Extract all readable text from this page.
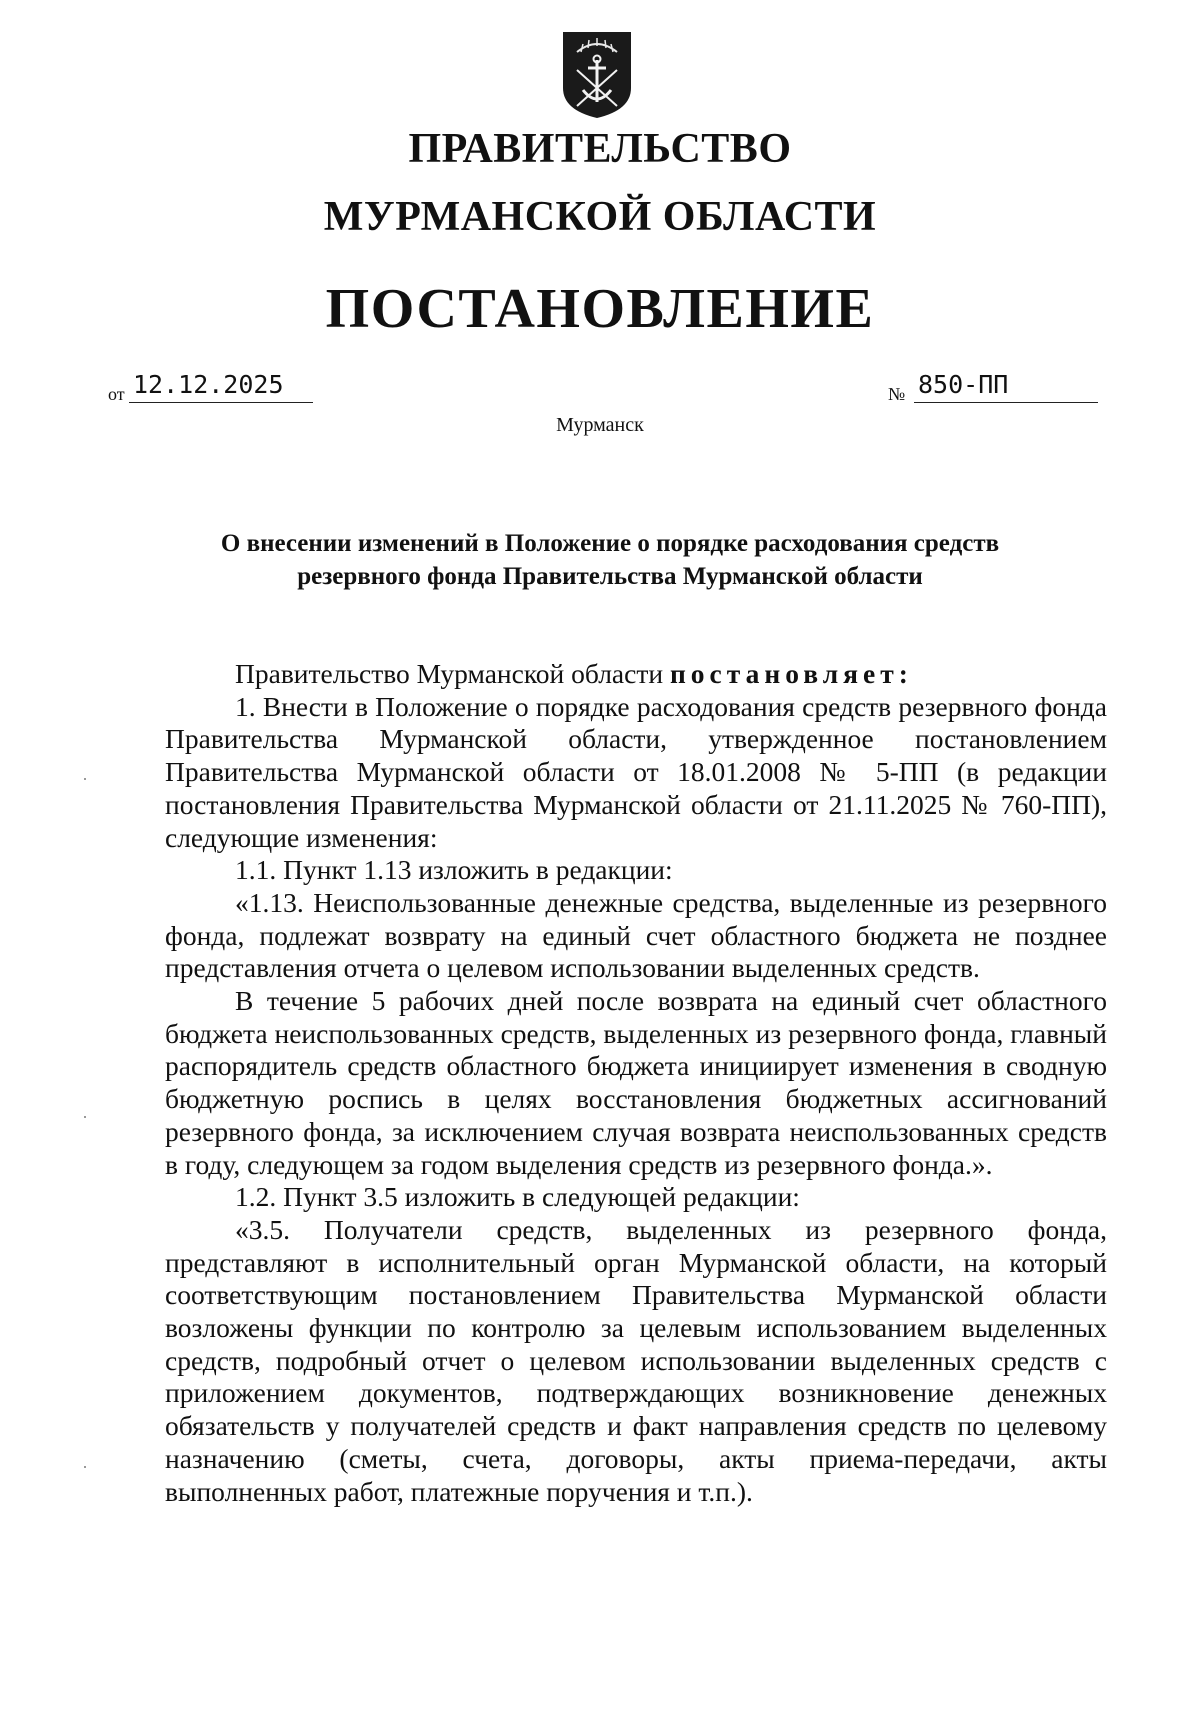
ПРАВИТЕЛЬСТВО
МУРМАНСКОЙ ОБЛАСТИ
ПОСТАНОВЛЕНИЕ
от 12.12.2025	№ 850-ПП
Мурманск
О внесении изменений в Положение о порядке расходования средств
резервного фонда Правительства Мурманской области

Правительство Мурманской области постановляет:

1. Внести в Положение о порядке расходования средств резервного фонда Правительства Мурманской области, утвержденное постановлением Правительства Мурманской области от 18.01.2008 № 5-ПП (в редакции постановления Правительства Мурманской области от 21.11.2025 № 760-ПП), следующие изменения:

1.1. Пункт 1.13 изложить в редакции:

«1.13. Неиспользованные денежные средства, выделенные из резервного фонда, подлежат возврату на единый счет областного бюджета не позднее представления отчета о целевом использовании выделенных средств.

В течение 5 рабочих дней после возврата на единый счет областного бюджета неиспользованных средств, выделенных из резервного фонда, главный распорядитель средств областного бюджета инициирует изменения в сводную бюджетную роспись в целях восстановления бюджетных ассигнований резервного фонда, за исключением случая возврата неиспользованных средств в году, следующем за годом выделения средств из резервного фонда.».

1.2. Пункт 3.5 изложить в следующей редакции:

«3.5. Получатели средств, выделенных из резервного фонда, представляют в исполнительный орган Мурманской области, на который соответствующим постановлением Правительства Мурманской области возложены функции по контролю за целевым использованием выделенных средств, подробный отчет о целевом использовании выделенных средств с приложением документов, подтверждающих возникновение денежных обязательств у получателей средств и факт направления средств по целевому назначению (сметы, счета, договоры, акты приема-передачи, акты выполненных работ, платежные поручения и т.п.).
